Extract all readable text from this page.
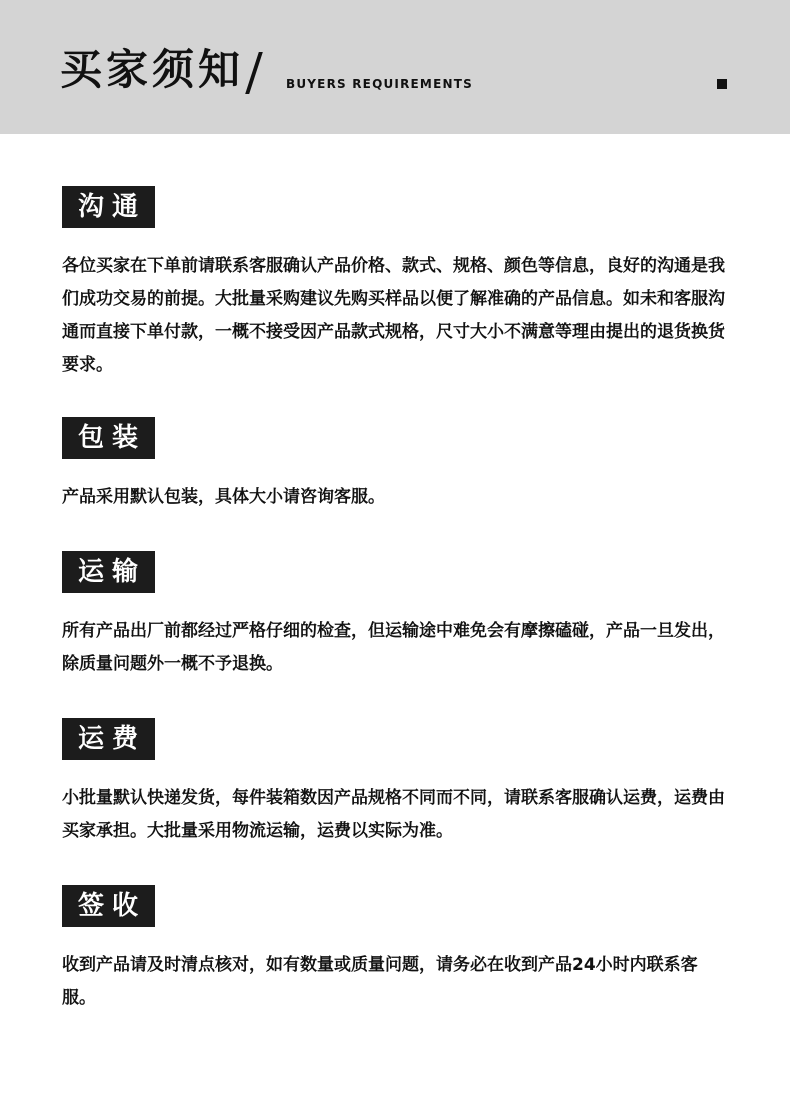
买家须知	BUYERS REQUIREMENTS
沟通
各位买家在下单前请联系客服确认产品价格、款式、规格、颜色等信息，良好的沟通是我们成功交易的前提。大批量采购建议先购买样品以便了解准确的产品信息。如未和客服沟通而直接下单付款，一概不接受因产品款式规格，尺寸大小不满意等理由提出的退货换货要求。
包装
产品采用默认包装，具体大小请咨询客服。
运输
所有产品出厂前都经过严格仔细的检查，但运输途中难免会有摩擦磕碰，产品一旦发出，除质量问题外一概不予退换。
运费
小批量默认快递发货，每件装箱数因产品规格不同而不同，请联系客服确认运费，运费由买家承担。大批量采用物流运输，运费以实际为准。
签收
收到产品请及时清点核对，如有数量或质量问题，请务必在收到产品24小时内联系客服。
